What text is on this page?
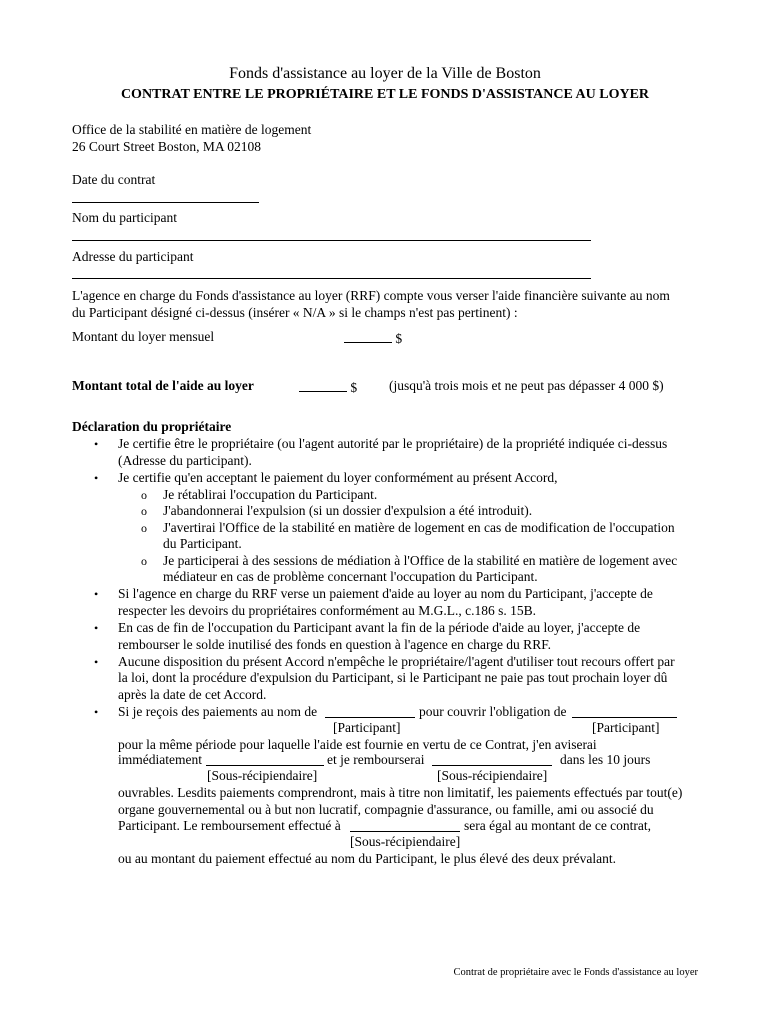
Fonds d'assistance au loyer de la Ville de Boston
CONTRAT ENTRE LE PROPRIÉTAIRE ET LE FONDS D'ASSISTANCE AU LOYER
Office de la stabilité en matière de logement
26 Court Street Boston, MA 02108
Date du contrat
Nom du participant
Adresse du participant
L'agence en charge du Fonds d'assistance au loyer (RRF) compte vous verser l'aide financière suivante au nom
du Participant désigné ci-dessus (insérer « N/A » si le champs n'est pas pertinent) :
Montant du loyer mensuel	$
Montant total de l'aide au loyer	$ (jusqu'à trois mois et ne peut pas dépasser 4 000 $)
Déclaration du propriétaire
• Je certifie être le propriétaire (ou l'agent autorité par le propriétaire) de la propriété indiquée ci-dessus
(Adresse du participant).
• Je certifie qu'en acceptant le paiement du loyer conformément au présent Accord,
o Je rétablirai l'occupation du Participant.
o J'abandonnerai l'expulsion (si un dossier d'expulsion a été introduit).
o J'avertirai l'Office de la stabilité en matière de logement en cas de modification de l'occupation
du Participant.
o Je participerai à des sessions de médiation à l'Office de la stabilité en matière de logement avec
médiateur en cas de problème concernant l'occupation du Participant.
• Si l'agence en charge du RRF verse un paiement d'aide au loyer au nom du Participant, j'accepte de
respecter les devoirs du propriétaires conformément au M.G.L., c.186 s. 15B.
• En cas de fin de l'occupation du Participant avant la fin de la période d'aide au loyer, j'accepte de
rembourser le solde inutilisé des fonds en question à l'agence en charge du RRF.
• Aucune disposition du présent Accord n'empêche le propriétaire/l'agent d'utiliser tout recours offert par
la loi, dont la procédure d'expulsion du Participant, si le Participant ne paie pas tout prochain loyer dû
après la date de cet Accord.
• Si je reçois des paiements au nom de	pour couvrir l'obligation de
[Participant]	[Participant]
pour la même période pour laquelle l'aide est fournie en vertu de ce Contrat, j'en aviserai
immédiatement	et je rembourserai	dans les 10 jours
[Sous-récipiendaire]	[Sous-récipiendaire]
ouvrables. Lesdits paiements comprendront, mais à titre non limitatif, les paiements effectués par tout(e)
organe gouvernemental ou à but non lucratif, compagnie d'assurance, ou famille, ami ou associé du
Participant. Le remboursement effectué à	sera égal au montant de ce contrat,
[Sous-récipiendaire]
ou au montant du paiement effectué au nom du Participant, le plus élevé des deux prévalant.
Contrat de propriétaire avec le Fonds d'assistance au loyer
